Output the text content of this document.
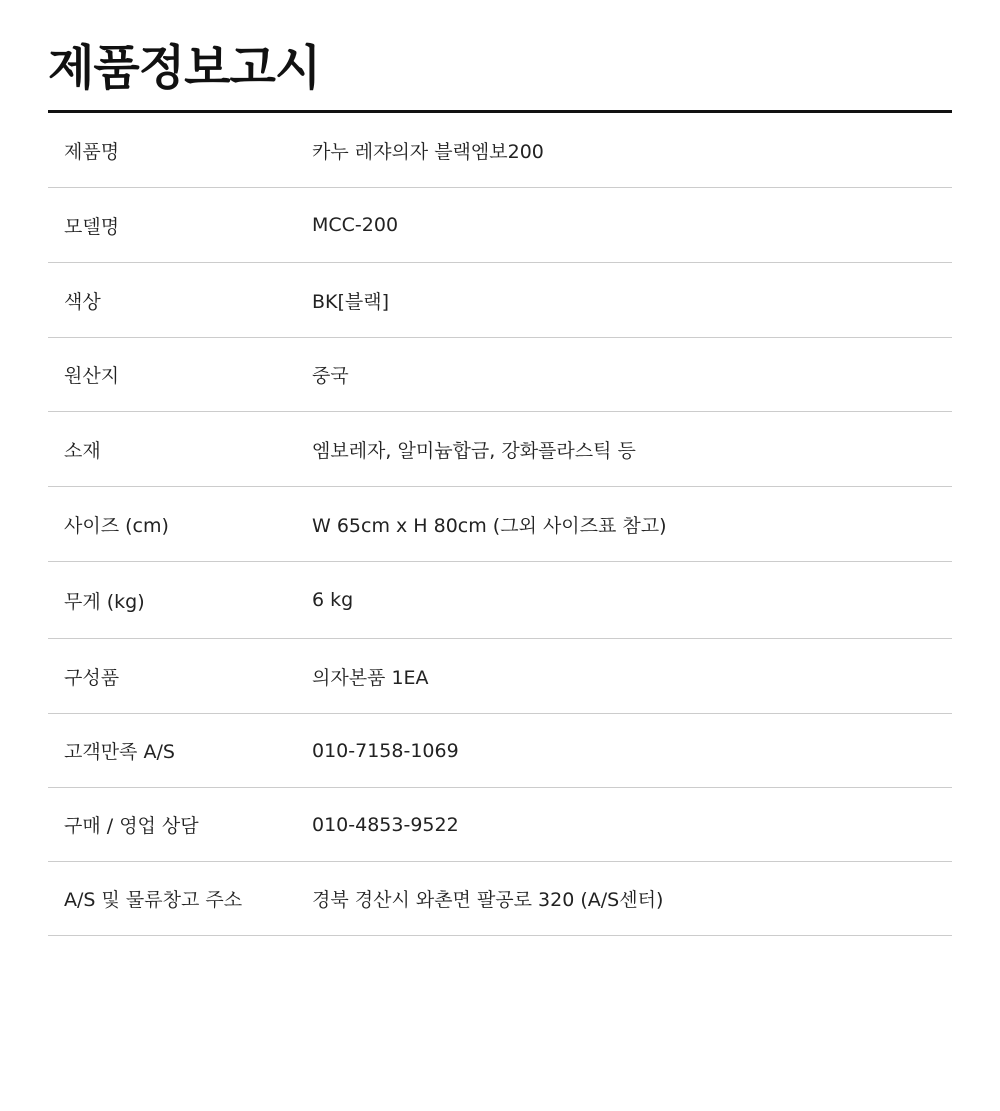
제품정보고시
제품명	카누 레쟈의자 블랙엠보200
모델명	MCC-200
색상	BK[블랙]
원산지	중국
소재	엠보레자, 알미늄합금, 강화플라스틱 등
사이즈 (cm)	W 65cm x H 80cm (그외 사이즈표 참고)
무게 (kg)	6 kg
구성품	의자본품 1EA
고객만족 A/S	010-7158-1069
구매 / 영업 상담	010-4853-9522
A/S 및 물류창고 주소	경북 경산시 와촌면 팔공로 320 (A/S센터)
